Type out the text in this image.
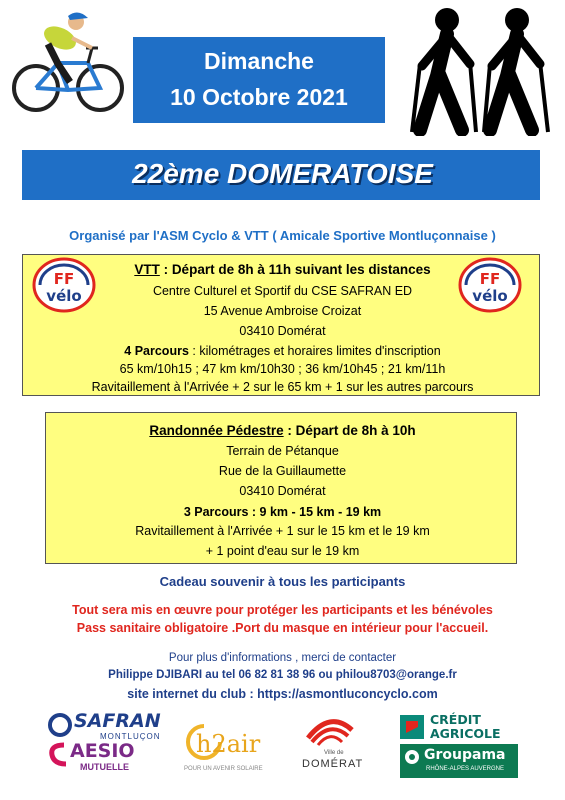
Dimanche
10 Octobre 2021
22ème DOMERATOISE
Organisé par l'ASM Cyclo & VTT ( Amicale Sportive Montluçonnaise )
FF
vélo
FF
vélo
VTT : Départ de 8h à 11h suivant les distances
Centre Culturel et Sportif du CSE SAFRAN ED
15 Avenue Ambroise Croizat
03410 Domérat
4 Parcours : kilométrages et horaires limites d'inscription
65 km/10h15 ; 47 km km/10h30 ; 36 km/10h45 ; 21 km/11h
Ravitaillement à l'Arrivée + 2 sur le 65 km + 1 sur les autres parcours
Randonnée Pédestre : Départ de 8h à 10h
Terrain de Pétanque
Rue de la Guillaumette
03410 Domérat
3 Parcours : 9 km - 15 km - 19 km
Ravitaillement à l'Arrivée + 1 sur le 15 km et le 19 km
+ 1 point d'eau sur le 19 km
Cadeau souvenir à tous les participants
Tout sera mis en œuvre pour protéger les participants et les bénévoles
Pass sanitaire obligatoire .Port du masque en intérieur pour l'accueil.
Pour plus d'informations , merci de contacter
Philippe DJIBARI au tel 06 82 81 38 96 ou philou8703@orange.fr
site internet du club : https://asmontluconcyclo.com
SAFRAN
MONTLUÇON
AESIO
MUTUELLE
h2air
POUR UN AVENIR SOLAIRE
Ville de
DOMÉRAT
CRÉDIT
AGRICOLE
Groupama
RHÔNE-ALPES AUVERGNE
